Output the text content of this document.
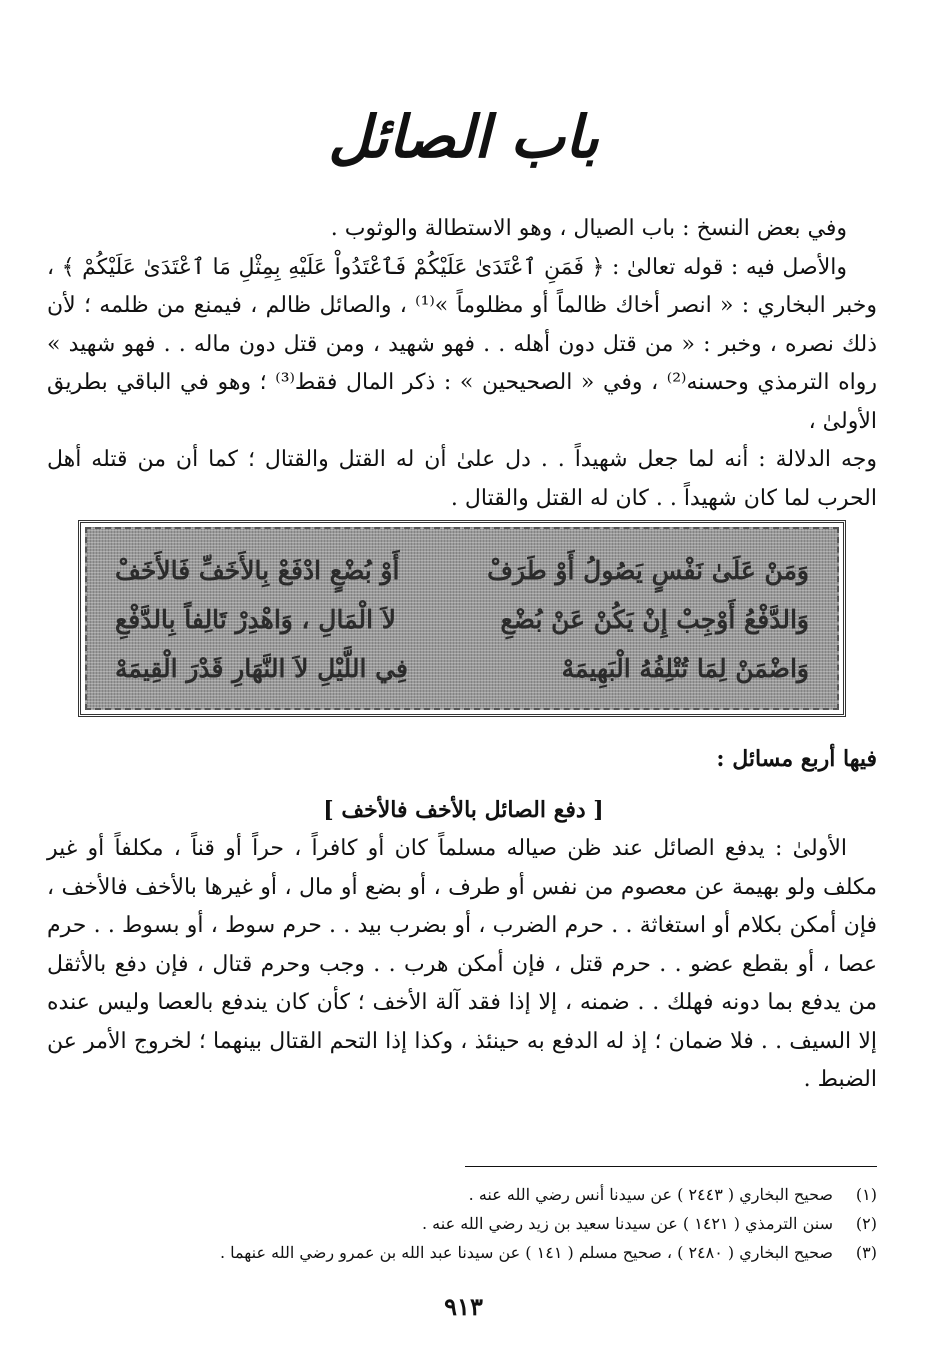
باب الصائل

وفي بعض النسخ : باب الصيال ، وهو الاستطالة والوثوب .

والأصل فيه : قوله تعالىٰ : ﴿ فَمَنِ ٱعْتَدَىٰ عَلَيْكُمْ فَٱعْتَدُواْ عَلَيْهِ بِمِثْلِ مَا ٱعْتَدَىٰ عَلَيْكُمْ ﴾ ، وخبر البخاري : « انصر أخاك ظالماً أو مظلوماً »⁽¹⁾ ، والصائل ظالم ، فيمنع من ظلمه ؛ لأن ذلك نصره ، وخبر : « من قتل دون أهله . . فهو شهيد ، ومن قتل دون ماله . . فهو شهيد » رواه الترمذي وحسنه⁽²⁾ ، وفي « الصحيحين » : ذكر المال فقط⁽³⁾ ؛ وهو في الباقي بطريق الأولىٰ ،

وجه الدلالة : أنه لما جعل شهيداً . . دل علىٰ أن له القتل والقتال ؛ كما أن من قتله أهل الحرب لما كان شهيداً . . كان له القتل والقتال .

وَمَنْ عَلَىٰ نَفْسٍ يَصُولُ أَوْ طَرَفْ
أَوْ بُضْعٍ ادْفَعْ بِالأَخَفِّ فَالأَخَفْ
وَالدَّفْعُ أَوْجِبْ إِنْ يَكُنْ عَنْ بُضْعِ
لاَ الْمَالِ ، وَاهْدِرْ تَالِفاً بِالدَّفْعِ
وَاضْمَنْ لِمَا تُتْلِفُهُ الْبَهِيمَهْ
فِي اللَّيْلِ لاَ النَّهَارِ قَدْرَ الْقِيمَهْ
فيها أربع مسائل :
[ دفع الصائل بالأخف فالأخف ]

الأولىٰ : يدفع الصائل عند ظن صياله مسلماً كان أو كافراً ، حراً أو قناً ، مكلفاً أو غير مكلف ولو بهيمة عن معصوم من نفس أو طرف ، أو بضع أو مال ، أو غيرها بالأخف فالأخف ، فإن أمكن بكلام أو استغاثة . . حرم الضرب ، أو بضرب بيد . . حرم سوط ، أو بسوط . . حرم عصا ، أو بقطع عضو . . حرم قتل ، فإن أمكن هرب . . وجب وحرم قتال ، فإن دفع بالأثقل من يدفع بما دونه فهلك . . ضمنه ، إلا إذا فقد آلة الأخف ؛ كأن كان يندفع بالعصا وليس عنده إلا السيف . . فلا ضمان ؛ إذ له الدفع به حينئذ ، وكذا إذا التحم القتال بينهما ؛ لخروج الأمر عن الضبط .

(١)
صحيح البخاري ( ٢٤٤٣ ) عن سيدنا أنس رضي الله عنه .
(٢)
سنن الترمذي ( ١٤٢١ ) عن سيدنا سعيد بن زيد رضي الله عنه .
(٣)
صحيح البخاري ( ٢٤٨٠ ) ، صحيح مسلم ( ١٤١ ) عن سيدنا عبد الله بن عمرو رضي الله عنهما .
٩١٣
